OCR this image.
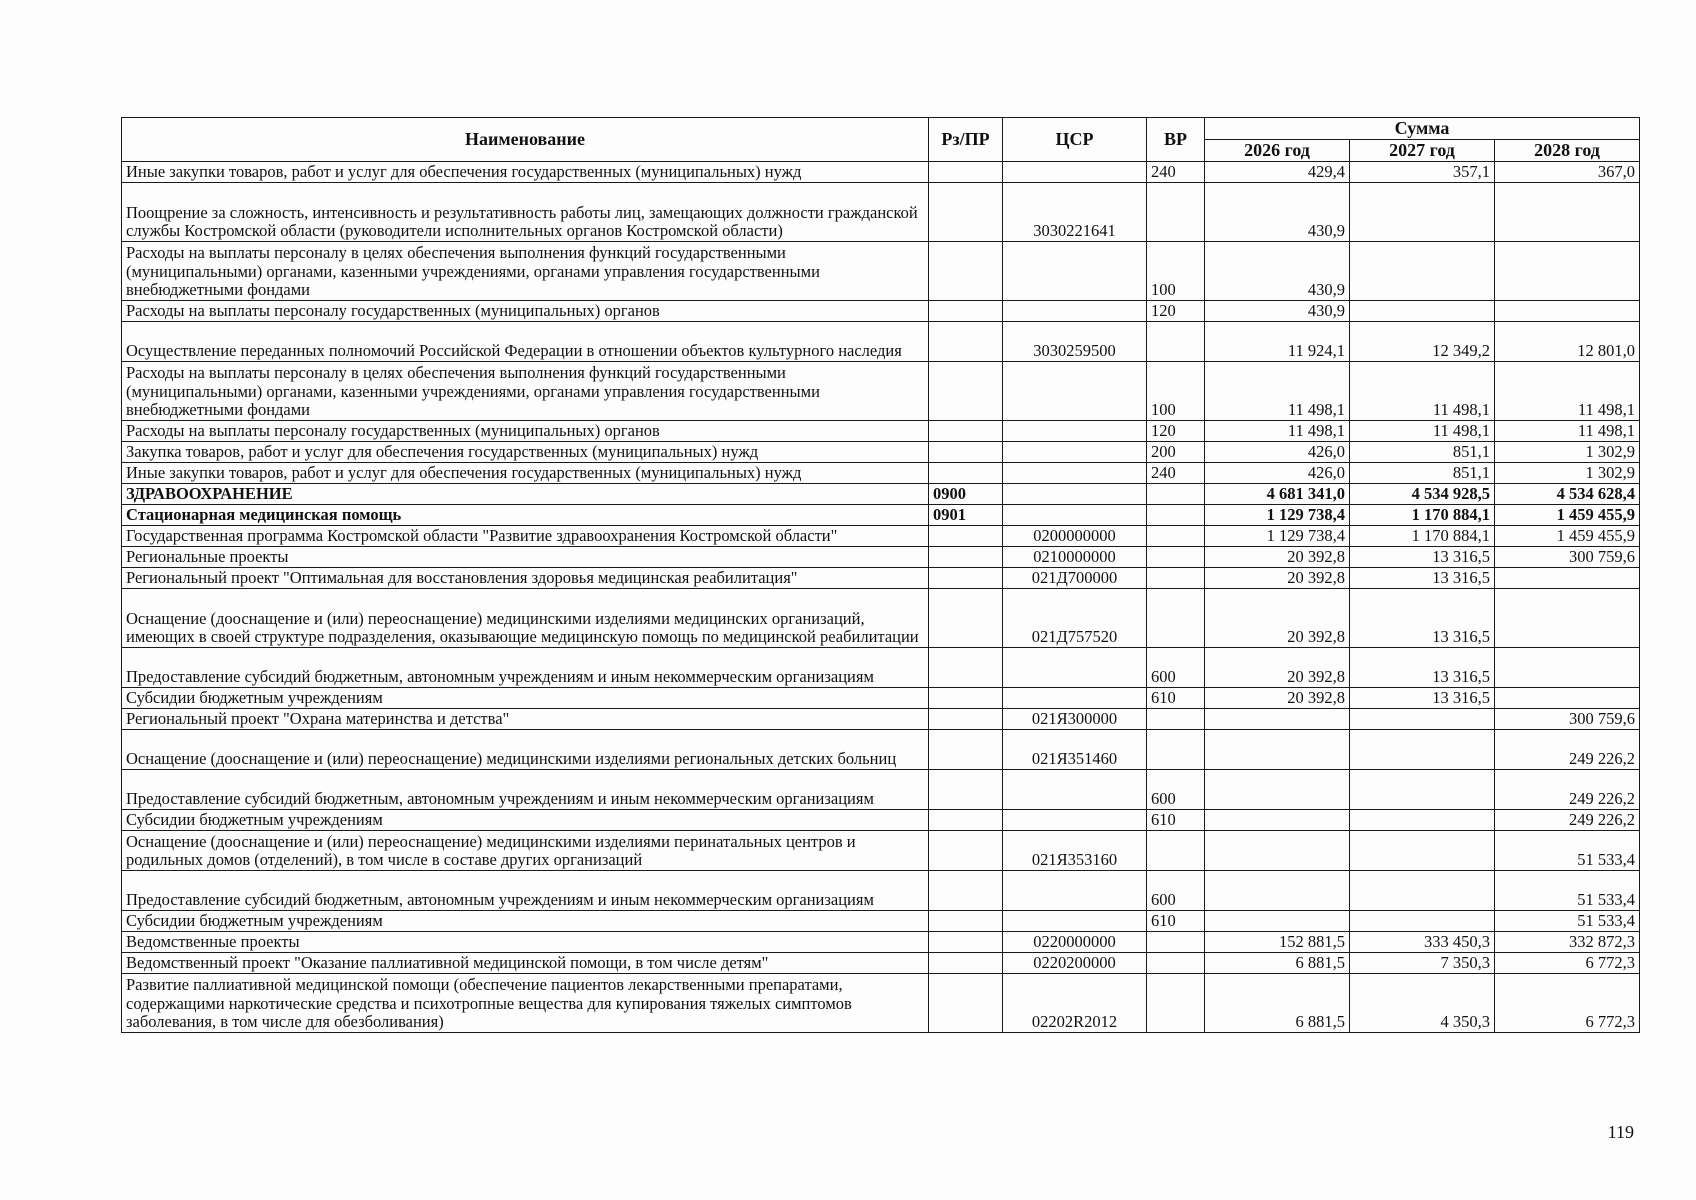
Наименование	Рз/ПР	ЦСР	ВР	Сумма		
				2026 год	2027 год	2028 год
Иные закупки товаров, работ и услуг для обеспечения государственных (муниципальных) нужд			240	429,4	357,1	367,0
Поощрение за сложность, интенсивность и результативность работы лиц, замещающих должности гражданской службы Костромской области (руководители исполнительных органов Костромской области)		3030221641		430,9		
Расходы на выплаты персоналу в целях обеспечения выполнения функций государственными (муниципальными) органами, казенными учреждениями, органами управления государственными внебюджетными фондами			100	430,9		
Расходы на выплаты персоналу государственных (муниципальных) органов			120	430,9		
Осуществление переданных полномочий Российской Федерации в отношении объектов культурного наследия		3030259500		11 924,1	12 349,2	12 801,0
Расходы на выплаты персоналу в целях обеспечения выполнения функций государственными (муниципальными) органами, казенными учреждениями, органами управления государственными внебюджетными фондами			100	11 498,1	11 498,1	11 498,1
Расходы на выплаты персоналу государственных (муниципальных) органов			120	11 498,1	11 498,1	11 498,1
Закупка товаров, работ и услуг для обеспечения государственных (муниципальных) нужд			200	426,0	851,1	1 302,9
Иные закупки товаров, работ и услуг для обеспечения государственных (муниципальных) нужд			240	426,0	851,1	1 302,9
ЗДРАВООХРАНЕНИЕ	0900			4 681 341,0	4 534 928,5	4 534 628,4
Стационарная медицинская помощь	0901			1 129 738,4	1 170 884,1	1 459 455,9
Государственная программа Костромской области "Развитие здравоохранения Костромской области"		0200000000		1 129 738,4	1 170 884,1	1 459 455,9
Региональные проекты		0210000000		20 392,8	13 316,5	300 759,6
Региональный проект "Оптимальная для восстановления здоровья медицинская реабилитация"		021Д700000		20 392,8	13 316,5	
Оснащение (дооснащение и (или) переоснащение) медицинскими изделиями медицинских организаций, имеющих в своей структуре подразделения, оказывающие медицинскую помощь по медицинской реабилитации		021Д757520		20 392,8	13 316,5	
Предоставление субсидий бюджетным, автономным учреждениям и иным некоммерческим организациям			600	20 392,8	13 316,5	
Субсидии бюджетным учреждениям			610	20 392,8	13 316,5	
Региональный проект "Охрана материнства и детства"		021Я300000				300 759,6
Оснащение (дооснащение и (или) переоснащение) медицинскими изделиями региональных детских больниц		021Я351460				249 226,2
Предоставление субсидий бюджетным, автономным учреждениям и иным некоммерческим организациям			600			249 226,2
Субсидии бюджетным учреждениям			610			249 226,2
Оснащение (дооснащение и (или) переоснащение) медицинскими изделиями перинатальных центров и родильных домов (отделений), в том числе в составе других организаций		021Я353160				51 533,4
Предоставление субсидий бюджетным, автономным учреждениям и иным некоммерческим организациям			600			51 533,4
Субсидии бюджетным учреждениям			610			51 533,4
Ведомственные проекты		0220000000		152 881,5	333 450,3	332 872,3
Ведомственный проект "Оказание паллиативной медицинской помощи, в том числе детям"		0220200000		6 881,5	7 350,3	6 772,3
Развитие паллиативной медицинской помощи (обеспечение пациентов лекарственными препаратами, содержащими наркотические средства и психотропные вещества для купирования тяжелых симптомов заболевания, в том числе для обезболивания)		02202R2012		6 881,5	4 350,3	6 772,3
119
